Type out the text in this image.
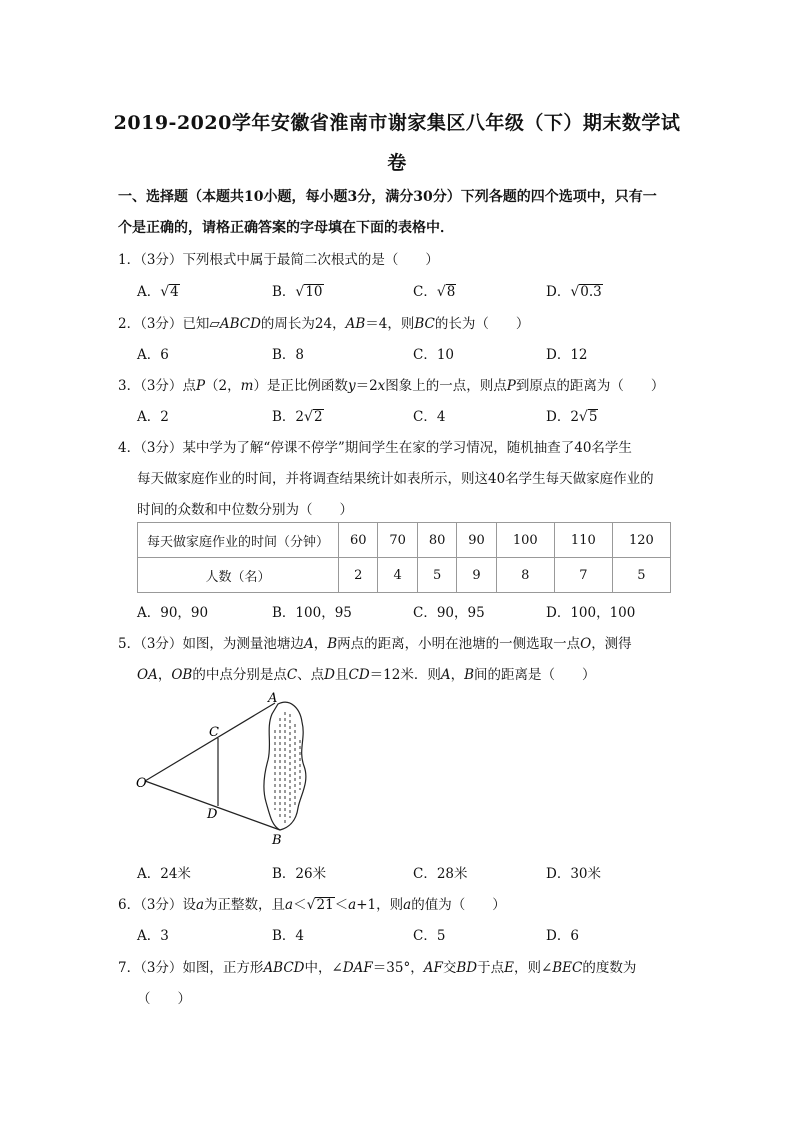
2019-2020学年安徽省淮南市谢家集区八年级（下）期末数学试
卷
一、选择题（本题共10小题，每小题3分，满分30分）下列各题的四个选项中，只有一
个是正确的，请格正确答案的字母填在下面的表格中．
1．（3分）下列根式中属于最简二次根式的是（　　）
A．√4	B．√10	C．√8	D．√0.3
2．（3分）已知▱ABCD的周长为24，AB＝4，则BC的长为（　　）
A．6	B．8	C．10	D．12
3．（3分）点P（2，m）是正比例函数y＝2x图象上的一点，则点P到原点的距离为（　　）
A．2	B．2√2	C．4	D．2√5
4．（3分）某中学为了解“停课不停学”期间学生在家的学习情况，随机抽查了40名学生
每天做家庭作业的时间，并将调查结果统计如表所示，则这40名学生每天做家庭作业的
时间的众数和中位数分别为（　　）
每天做家庭作业的时间（分钟）	60	70	80	90	100	110	120
人数（名）	2	4	5	9	8	7	5
A．90，90	B．100，95	C．90，95	D．100，100
5．（3分）如图，为测量池塘边A，B两点的距离，小明在池塘的一侧选取一点O，测得
OA，OB的中点分别是点C、点D且CD＝12米．则A，B间的距离是（　　）
A
B
C
D
O
A．24米	B．26米	C．28米	D．30米
6．（3分）设a为正整数，且a＜√21＜a+1，则a的值为（　　）
A．3	B．4	C．5	D．6
7．（3分）如图，正方形ABCD中，∠DAF＝35°，AF交BD于点E，则∠BEC的度数为
（　　）
